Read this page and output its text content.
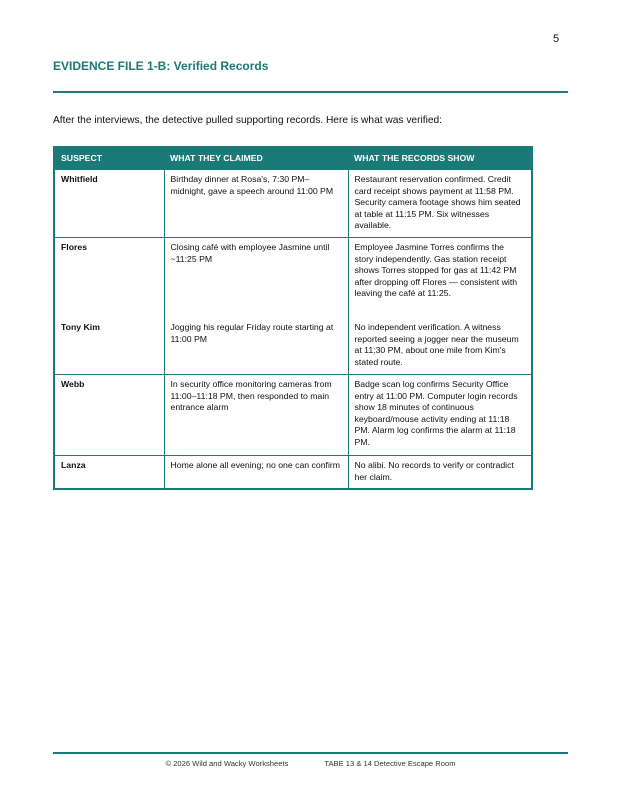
5
EVIDENCE FILE 1-B: Verified Records

After the interviews, the detective pulled supporting records. Here is what was verified:

SUSPECT	WHAT THEY CLAIMED	WHAT THE RECORDS SHOW
Whitfield	Birthday dinner at Rosa's, 7:30 PM–midnight, gave a speech around 11:00 PM	Restaurant reservation confirmed. Credit card receipt shows payment at 11:58 PM. Security camera footage shows him seated at table at 11:15 PM. Six witnesses available.
Flores	Closing café with employee Jasmine until ~11:25 PM	Employee Jasmine Torres confirms the story independently. Gas station receipt shows Torres stopped for gas at 11:42 PM after dropping off Flores — consistent with leaving the café at 11:25.
Tony Kim	Jogging his regular Friday route starting at 11:00 PM	No independent verification. A witness reported seeing a jogger near the museum at 11:30 PM, about one mile from Kim's stated route.
Webb	In security office monitoring cameras from 11:00–11:18 PM, then responded to main entrance alarm	Badge scan log confirms Security Office entry at 11:00 PM. Computer login records show 18 minutes of continuous keyboard/mouse activity ending at 11:18 PM. Alarm log confirms the alarm at 11:18 PM.
Lanza	Home alone all evening; no one can confirm	No alibi. No records to verify or contradict her claim.
© 2026 Wild and Wacky Worksheets	TABE 13 & 14 Detective Escape Room
